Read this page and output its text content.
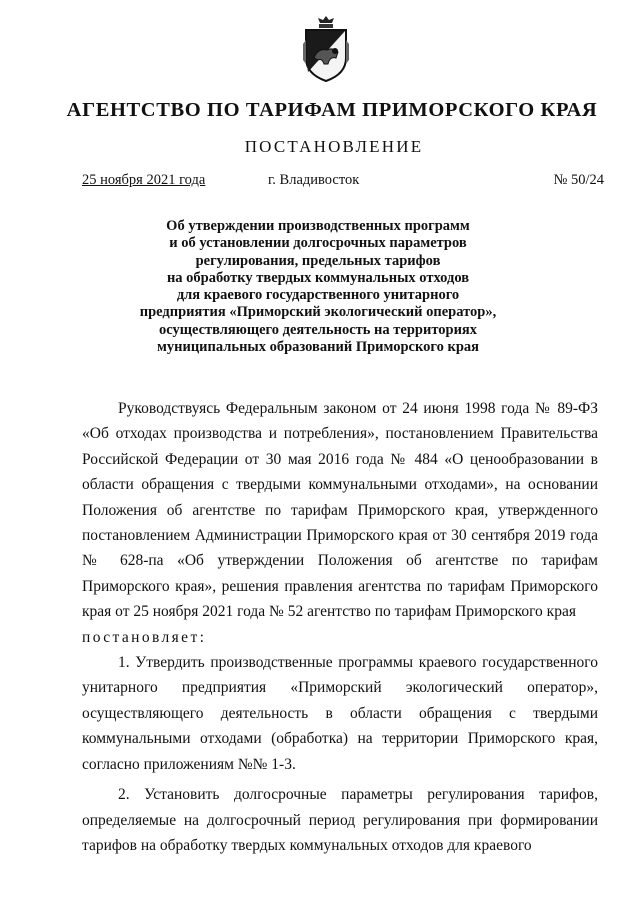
АГЕНТСТВО ПО ТАРИФАМ ПРИМОРСКОГО КРАЯ
ПОСТАНОВЛЕНИЕ
25 ноября 2021 года	г. Владивосток	№ 50/24
Об утверждении производственных программ
и об установлении долгосрочных параметров
регулирования, предельных тарифов
на обработку твердых коммунальных отходов
для краевого государственного унитарного
предприятия «Приморский экологический оператор»,
осуществляющего деятельность на территориях
муниципальных образований Приморского края

Руководствуясь Федеральным законом от 24 июня 1998 года № 89-ФЗ «Об отходах производства и потребления», постановлением Правительства Российской Федерации от 30 мая 2016 года № 484 «О ценообразовании в области обращения с твердыми коммунальными отходами», на основании Положения об агентстве по тарифам Приморского края, утвержденного постановлением Администрации Приморского края от 30 сентября 2019 года № 628-па «Об утверждении Положения об агентстве по тарифам Приморского края», решения правления агентства по тарифам Приморского края от 25 ноября 2021 года № 52 агентство по тарифам Приморского края

постановляет:

1. Утвердить производственные программы краевого государственного унитарного предприятия «Приморский экологический оператор», осуществляющего деятельность в области обращения с твердыми коммунальными отходами (обработка) на территории Приморского края, согласно приложениям №№ 1-3.

2. Установить долгосрочные параметры регулирования тарифов, определяемые на долгосрочный период регулирования при формировании тарифов на обработку твердых коммунальных отходов для краевого
